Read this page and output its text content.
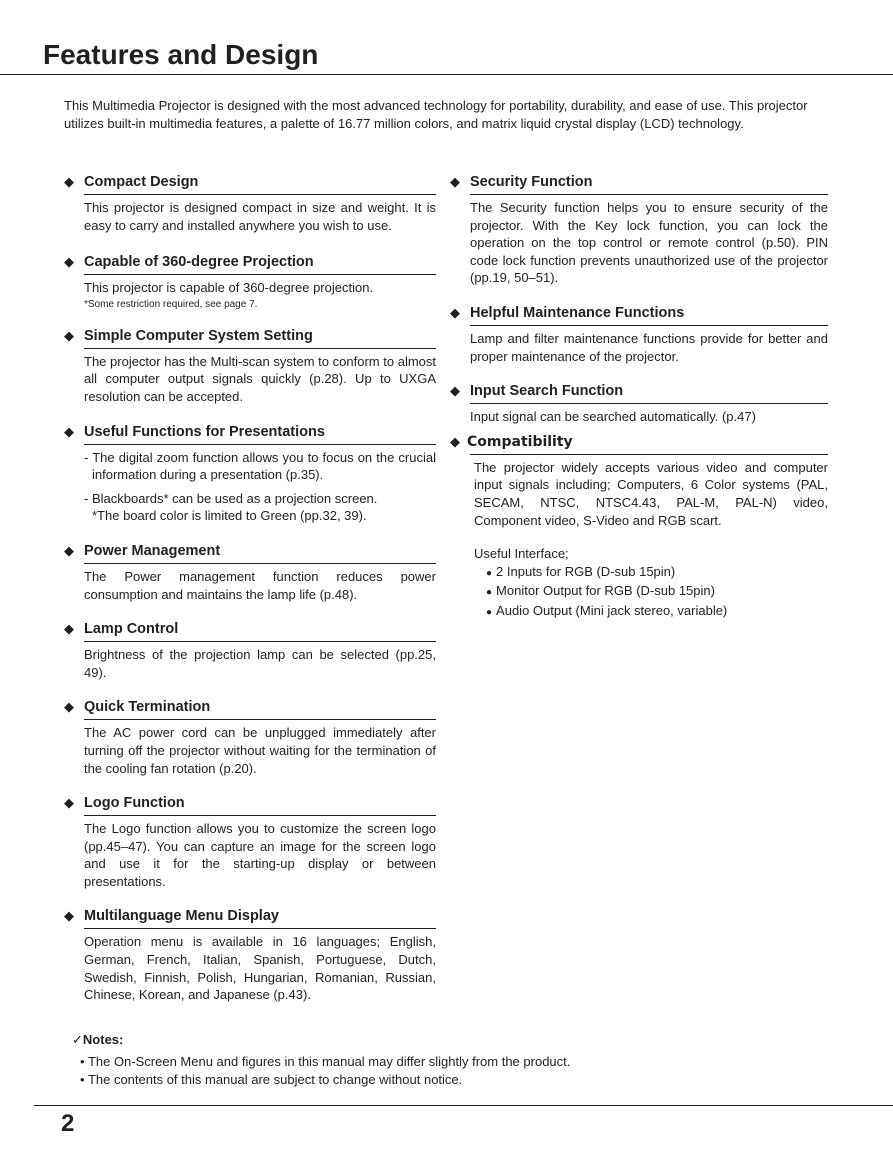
Features and Design

This Multimedia Projector is designed with the most advanced technology for portability, durability, and ease of use. This projector utilizes built-in multimedia features, a palette of 16.77 million colors, and matrix liquid crystal display (LCD) technology.

◆ Compact Design

This projector is designed compact in size and weight. It is easy to carry and installed anywhere you wish to use.

◆ Capable of 360-degree Projection

This projector is capable of 360-degree projection.

*Some restriction required, see page 7.

◆ Simple Computer System Setting

The projector has the Multi-scan system to conform to almost all computer output signals quickly (p.28). Up to UXGA resolution can be accepted.

◆ Useful Functions for Presentations

- The digital zoom function allows you to focus on the crucial information during a presentation (p.35).

- Blackboards* can be used as a projection screen.

*The board color is limited to Green (pp.32, 39).

◆ Power Management

The Power management function reduces power consumption and maintains the lamp life (p.48).

◆ Lamp Control

Brightness of the projection lamp can be selected (pp.25, 49).

◆ Quick Termination

The AC power cord can be unplugged immediately after turning off the projector without waiting for the termination of the cooling fan rotation (p.20).

◆ Logo Function

The Logo function allows you to customize the screen logo (pp.45–47). You can capture an image for the screen logo and use it for the starting-up display or between presentations.

◆ Multilanguage Menu Display

Operation menu is available in 16 languages; English, German, French, Italian, Spanish, Portuguese, Dutch, Swedish, Finnish, Polish, Hungarian, Romanian, Russian, Chinese, Korean, and Japanese (p.43).

◆ Security Function

The Security function helps you to ensure security of the projector. With the Key lock function, you can lock the operation on the top control or remote control (p.50). PIN code lock function prevents unauthorized use of the projector (pp.19, 50–51).

◆ Helpful Maintenance Functions

Lamp and filter maintenance functions provide for better and proper maintenance of the projector.

◆ Input Search Function

Input signal can be searched automatically. (p.47)

◆ Compatibility

The projector widely accepts various video and computer input signals including; Computers, 6 Color systems (PAL, SECAM, NTSC, NTSC4.43, PAL-M, PAL-N) video, Component video, S-Video and RGB scart.

Useful Interface;

● 2 Inputs for RGB (D-sub 15pin)
● Monitor Output for RGB (D-sub 15pin)
● Audio Output (Mini jack stereo, variable)
✓Notes:
• The On-Screen Menu and figures in this manual may differ slightly from the product.
• The contents of this manual are subject to change without notice.
2
